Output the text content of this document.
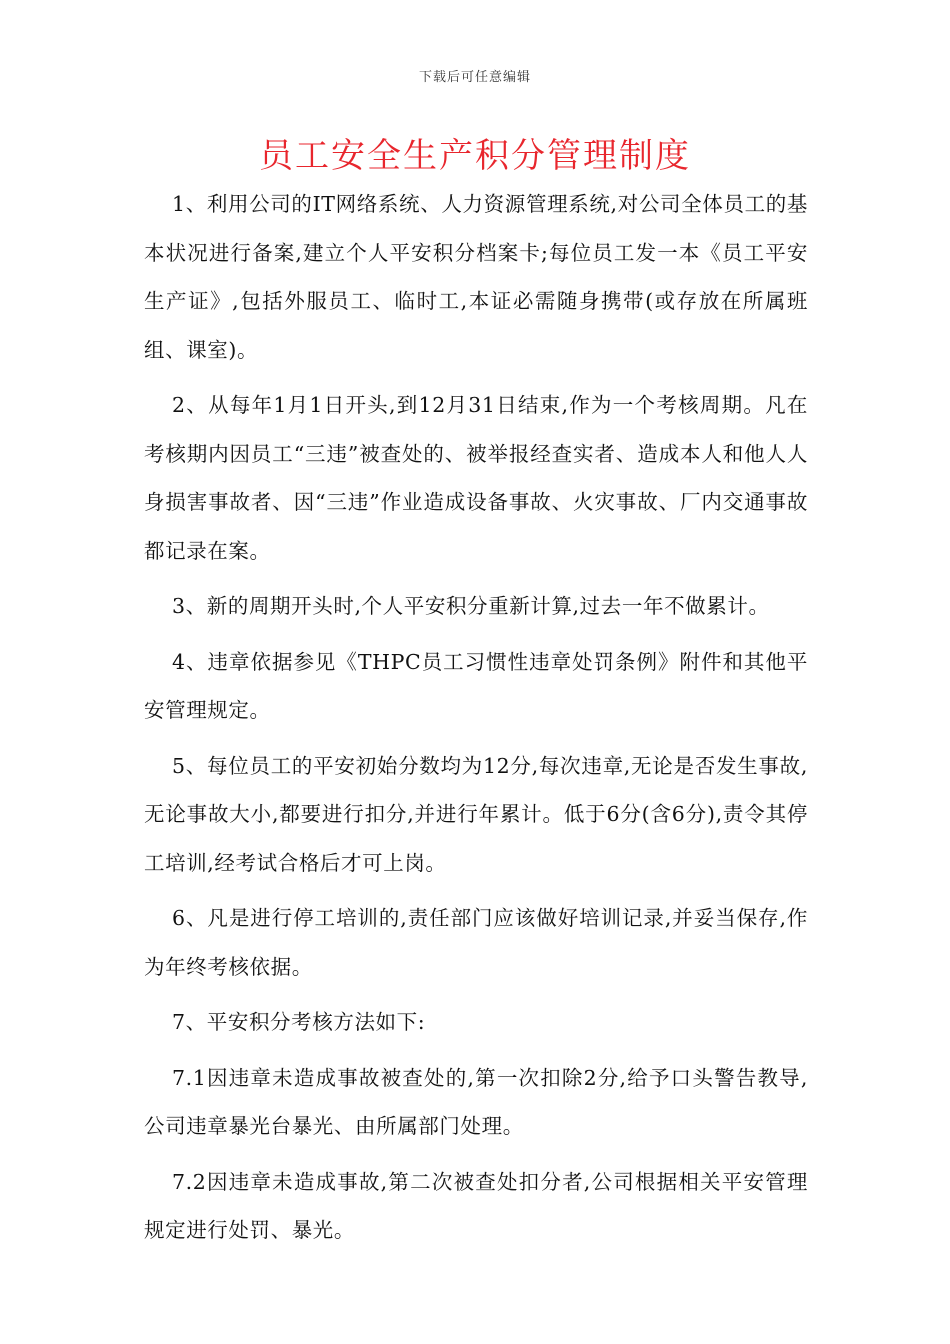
下载后可任意编辑
员工安全生产积分管理制度

1、利用公司的IT网络系统、人力资源管理系统,对公司全体员工的基本状况进行备案,建立个人平安积分档案卡;每位员工发一本《员工平安生产证》,包括外服员工、临时工,本证必需随身携带(或存放在所属班组、课室)。

2、从每年1月1日开头,到12月31日结束,作为一个考核周期。凡在考核期内因员工“三违”被查处的、被举报经查实者、造成本人和他人人身损害事故者、因“三违”作业造成设备事故、火灾事故、厂内交通事故都记录在案。

3、新的周期开头时,个人平安积分重新计算,过去一年不做累计。

4、违章依据参见《THPC员工习惯性违章处罚条例》附件和其他平安管理规定。

5、每位员工的平安初始分数均为12分,每次违章,无论是否发生事故,无论事故大小,都要进行扣分,并进行年累计。低于6分(含6分),责令其停工培训,经考试合格后才可上岗。

6、凡是进行停工培训的,责任部门应该做好培训记录,并妥当保存,作为年终考核依据。

7、平安积分考核方法如下:

7.1因违章未造成事故被查处的,第一次扣除2分,给予口头警告教导,公司违章暴光台暴光、由所属部门处理。

7.2因违章未造成事故,第二次被查处扣分者,公司根据相关平安管理规定进行处罚、暴光。
